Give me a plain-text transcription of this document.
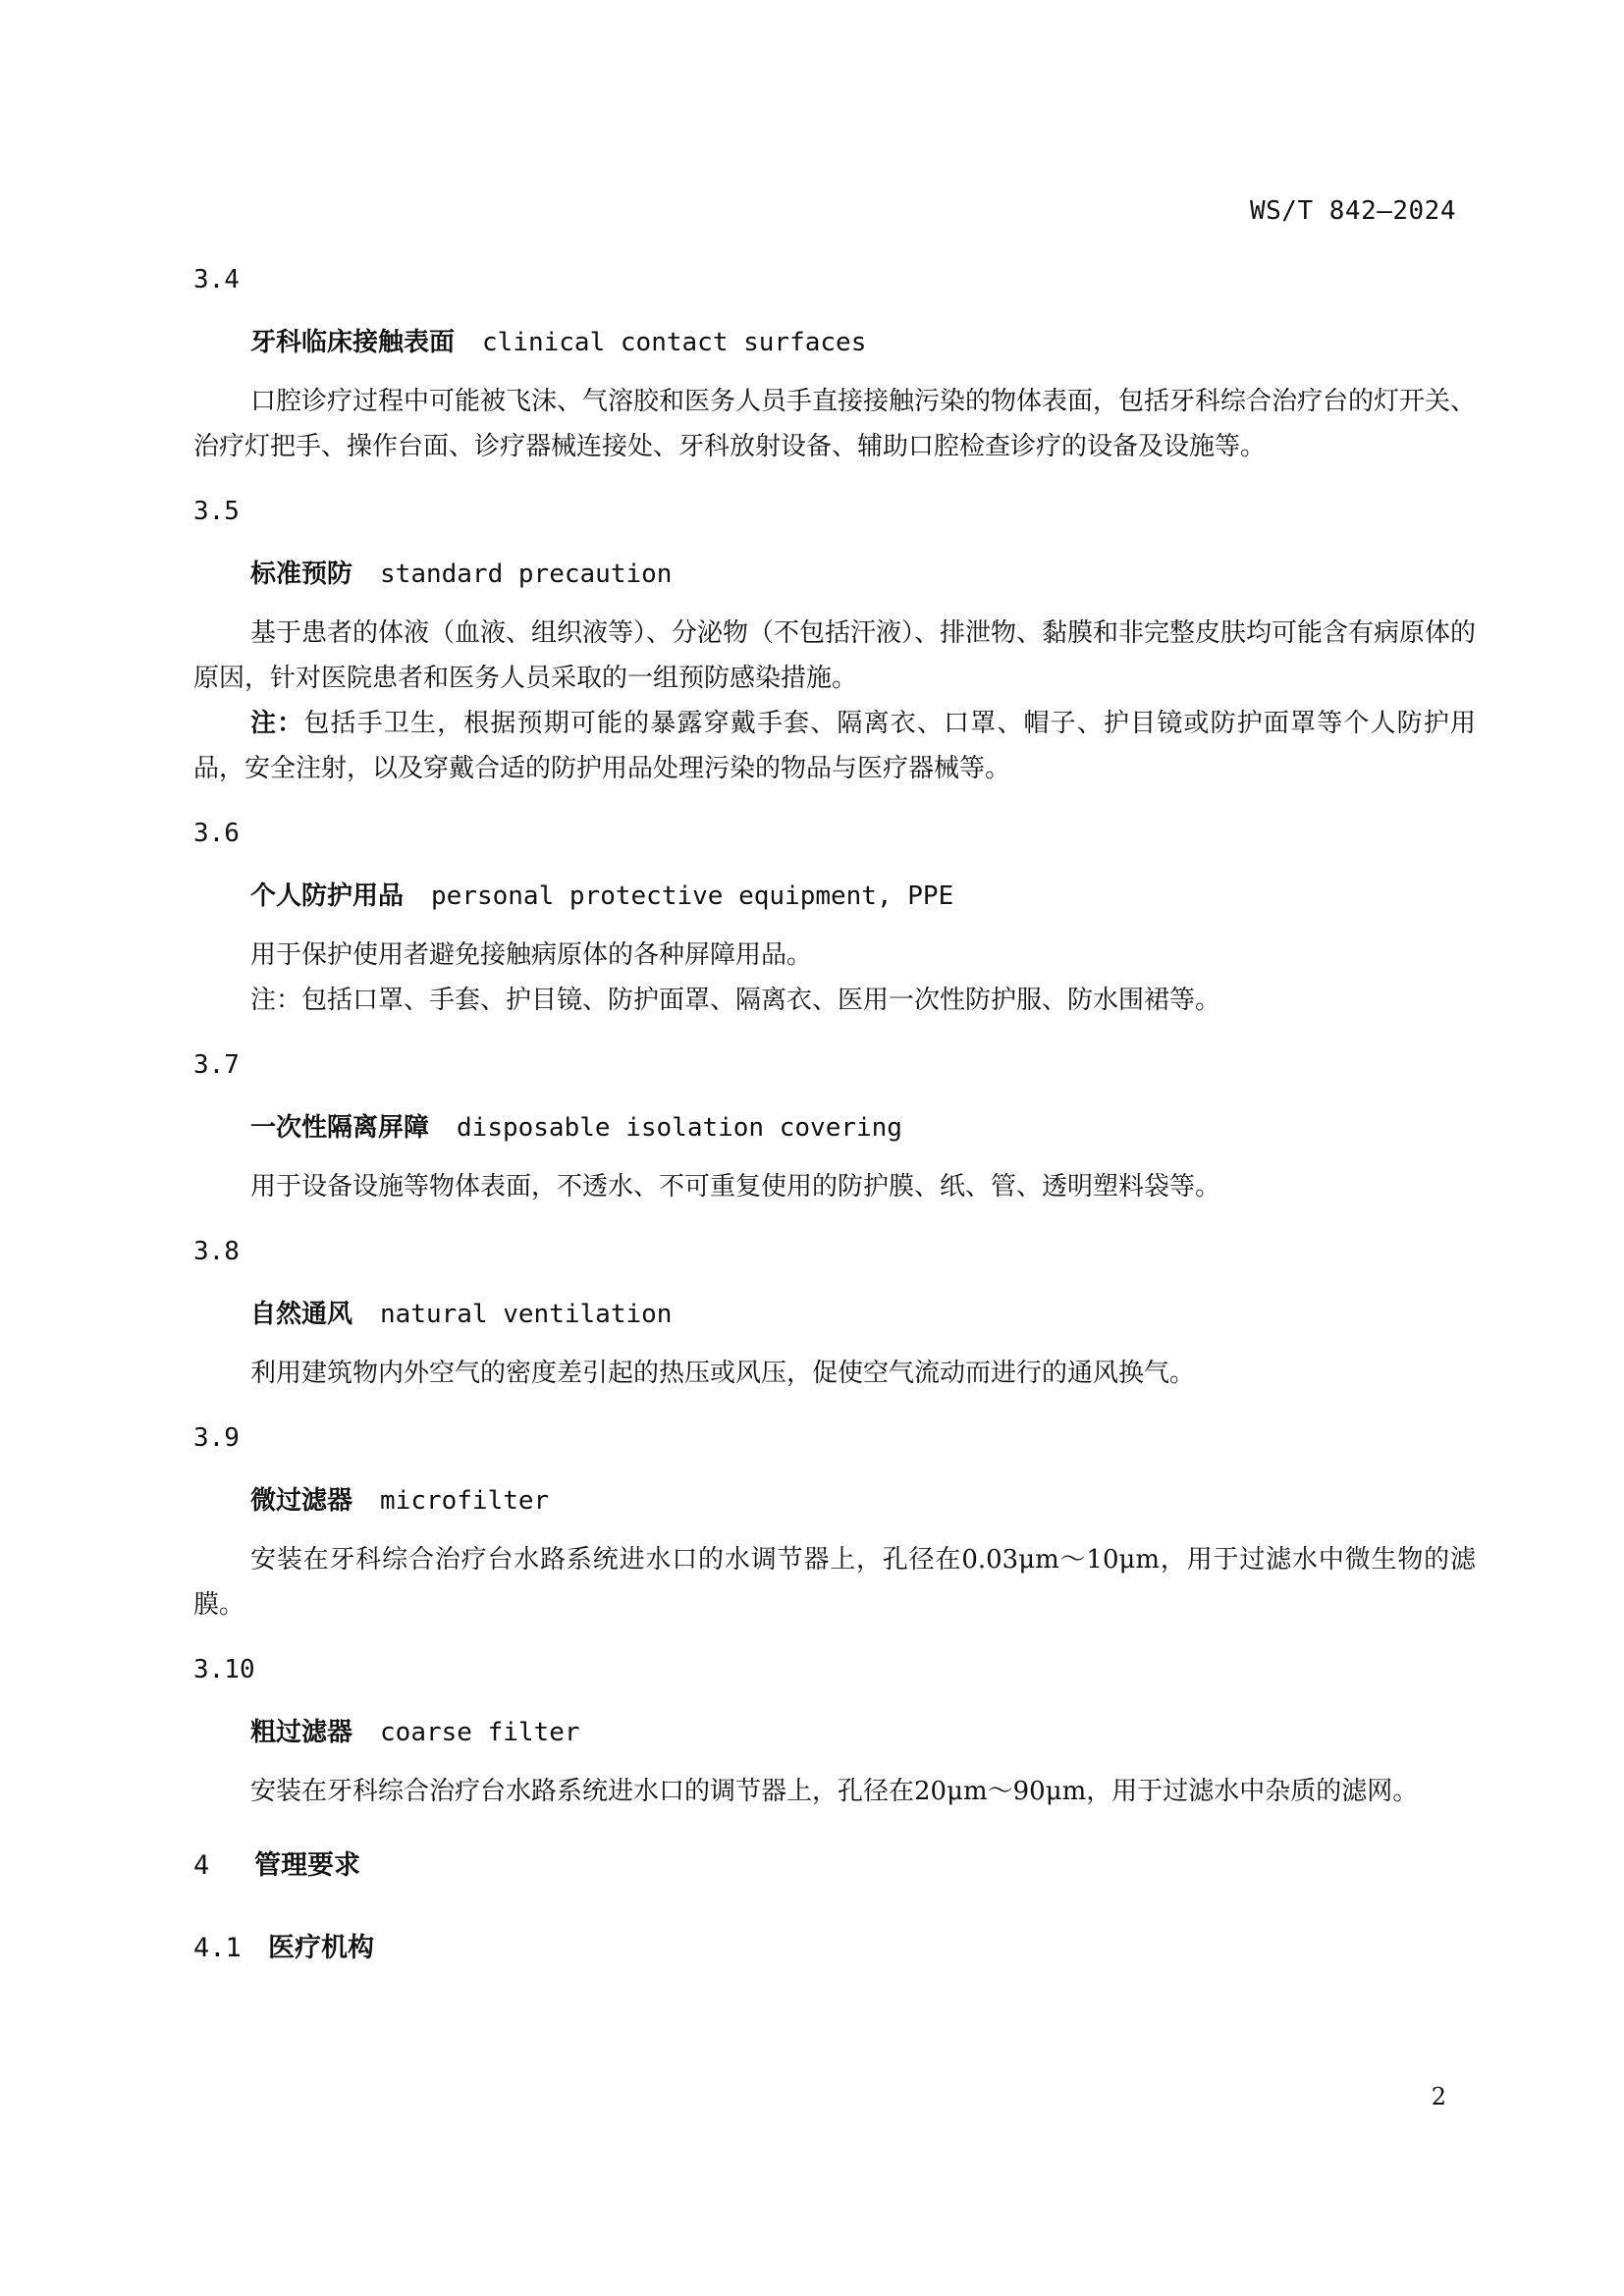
WS/T 842—2024
3.4
牙科临床接触表面 clinical contact surfaces
口腔诊疗过程中可能被飞沫、气溶胶和医务人员手直接接触污染的物体表面，包括牙科综合治疗台的灯开关、治疗灯把手、操作台面、诊疗器械连接处、牙科放射设备、辅助口腔检查诊疗的设备及设施等。
3.5
标准预防 standard precaution
基于患者的体液（血液、组织液等）、分泌物（不包括汗液）、排泄物、黏膜和非完整皮肤均可能含有病原体的原因，针对医院患者和医务人员采取的一组预防感染措施。
注：包括手卫生，根据预期可能的暴露穿戴手套、隔离衣、口罩、帽子、护目镜或防护面罩等个人防护用品，安全注射，以及穿戴合适的防护用品处理污染的物品与医疗器械等。
3.6
个人防护用品 personal protective equipment, PPE
用于保护使用者避免接触病原体的各种屏障用品。
注：包括口罩、手套、护目镜、防护面罩、隔离衣、医用一次性防护服、防水围裙等。
3.7
一次性隔离屏障 disposable isolation covering
用于设备设施等物体表面，不透水、不可重复使用的防护膜、纸、管、透明塑料袋等。
3.8
自然通风 natural ventilation
利用建筑物内外空气的密度差引起的热压或风压，促使空气流动而进行的通风换气。
3.9
微过滤器 microfilter
安装在牙科综合治疗台水路系统进水口的水调节器上，孔径在0.03μm～10μm，用于过滤水中微生物的滤膜。
3.10
粗过滤器 coarse filter
安装在牙科综合治疗台水路系统进水口的调节器上，孔径在20μm～90μm，用于过滤水中杂质的滤网。
4 管理要求
4.1 医疗机构
2
